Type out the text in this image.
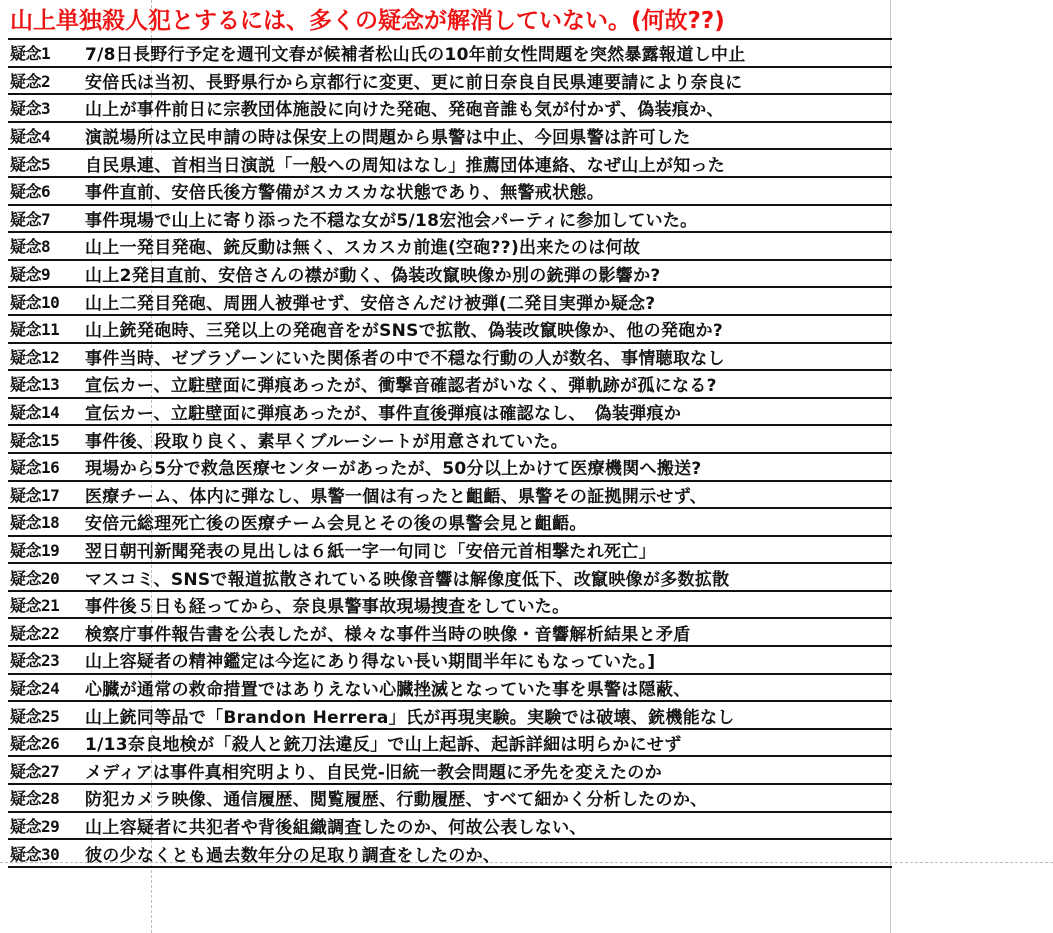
山上単独殺人犯とするには、多くの疑念が解消していない。(何故??)
疑念1	7/8日長野行予定を週刊文春が候補者松山氏の10年前女性問題を突然暴露報道し中止
疑念2	安倍氏は当初、長野県行から京都行に変更、更に前日奈良自民県連要請により奈良に
疑念3	山上が事件前日に宗教団体施設に向けた発砲、発砲音誰も気が付かず、偽装痕か、
疑念4	演説場所は立民申請の時は保安上の問題から県警は中止、今回県警は許可した
疑念5	自民県連、首相当日演説「一般への周知はなし」推薦団体連絡、なぜ山上が知った
疑念6	事件直前、安倍氏後方警備がスカスカな状態であり、無警戒状態。
疑念7	事件現場で山上に寄り添った不穏な女が5/18宏池会パーティに参加していた。
疑念8	山上一発目発砲、銃反動は無く、スカスカ前進(空砲??)出来たのは何故
疑念9	山上2発目直前、安倍さんの襟が動く、偽装改竄映像か別の銃弾の影響か?
疑念10	山上二発目発砲、周囲人被弾せず、安倍さんだけ被弾(二発目実弾か疑念?
疑念11	山上銃発砲時、三発以上の発砲音をがSNSで拡散、偽装改竄映像か、他の発砲か?
疑念12	事件当時、ゼブラゾーンにいた関係者の中で不穏な行動の人が数名、事情聴取なし
疑念13	宣伝カー、立駐壁面に弾痕あったが、衝撃音確認者がいなく、弾軌跡が孤になる?
疑念14	宣伝カー、立駐壁面に弾痕あったが、事件直後弾痕は確認なし、　偽装弾痕か
疑念15	事件後、段取り良く、素早くブルーシートが用意されていた。
疑念16	現場から5分で救急医療センターがあったが、50分以上かけて医療機関へ搬送?
疑念17	医療チーム、体内に弾なし、県警一個は有ったと齟齬、県警その証拠開示せず、
疑念18	安倍元総理死亡後の医療チーム会見とその後の県警会見と齟齬。
疑念19	翌日朝刊新聞発表の見出しは６紙一字一句同じ「安倍元首相撃たれ死亡」
疑念20	マスコミ、SNSで報道拡散されている映像音響は解像度低下、改竄映像が多数拡散
疑念21	事件後５日も経ってから、奈良県警事故現場捜査をしていた。
疑念22	検察庁事件報告書を公表したが、様々な事件当時の映像・音響解析結果と矛盾
疑念23	山上容疑者の精神鑑定は今迄にあり得ない長い期間半年にもなっていた。]
疑念24	心臓が通常の救命措置ではありえない心臓挫滅となっていた事を県警は隠蔽、
疑念25	山上銃同等品で「Brandon Herrera」氏が再現実験。実験では破壊、銃機能なし
疑念26	1/13奈良地検が「殺人と銃刀法違反」で山上起訴、起訴詳細は明らかにせず
疑念27	メディアは事件真相究明より、自民党-旧統一教会問題に矛先を変えたのか
疑念28	防犯カメラ映像、通信履歴、閲覧履歴、行動履歴、すべて細かく分析したのか、
疑念29	山上容疑者に共犯者や背後組織調査したのか、何故公表しない、
疑念30	彼の少なくとも過去数年分の足取り調査をしたのか、
